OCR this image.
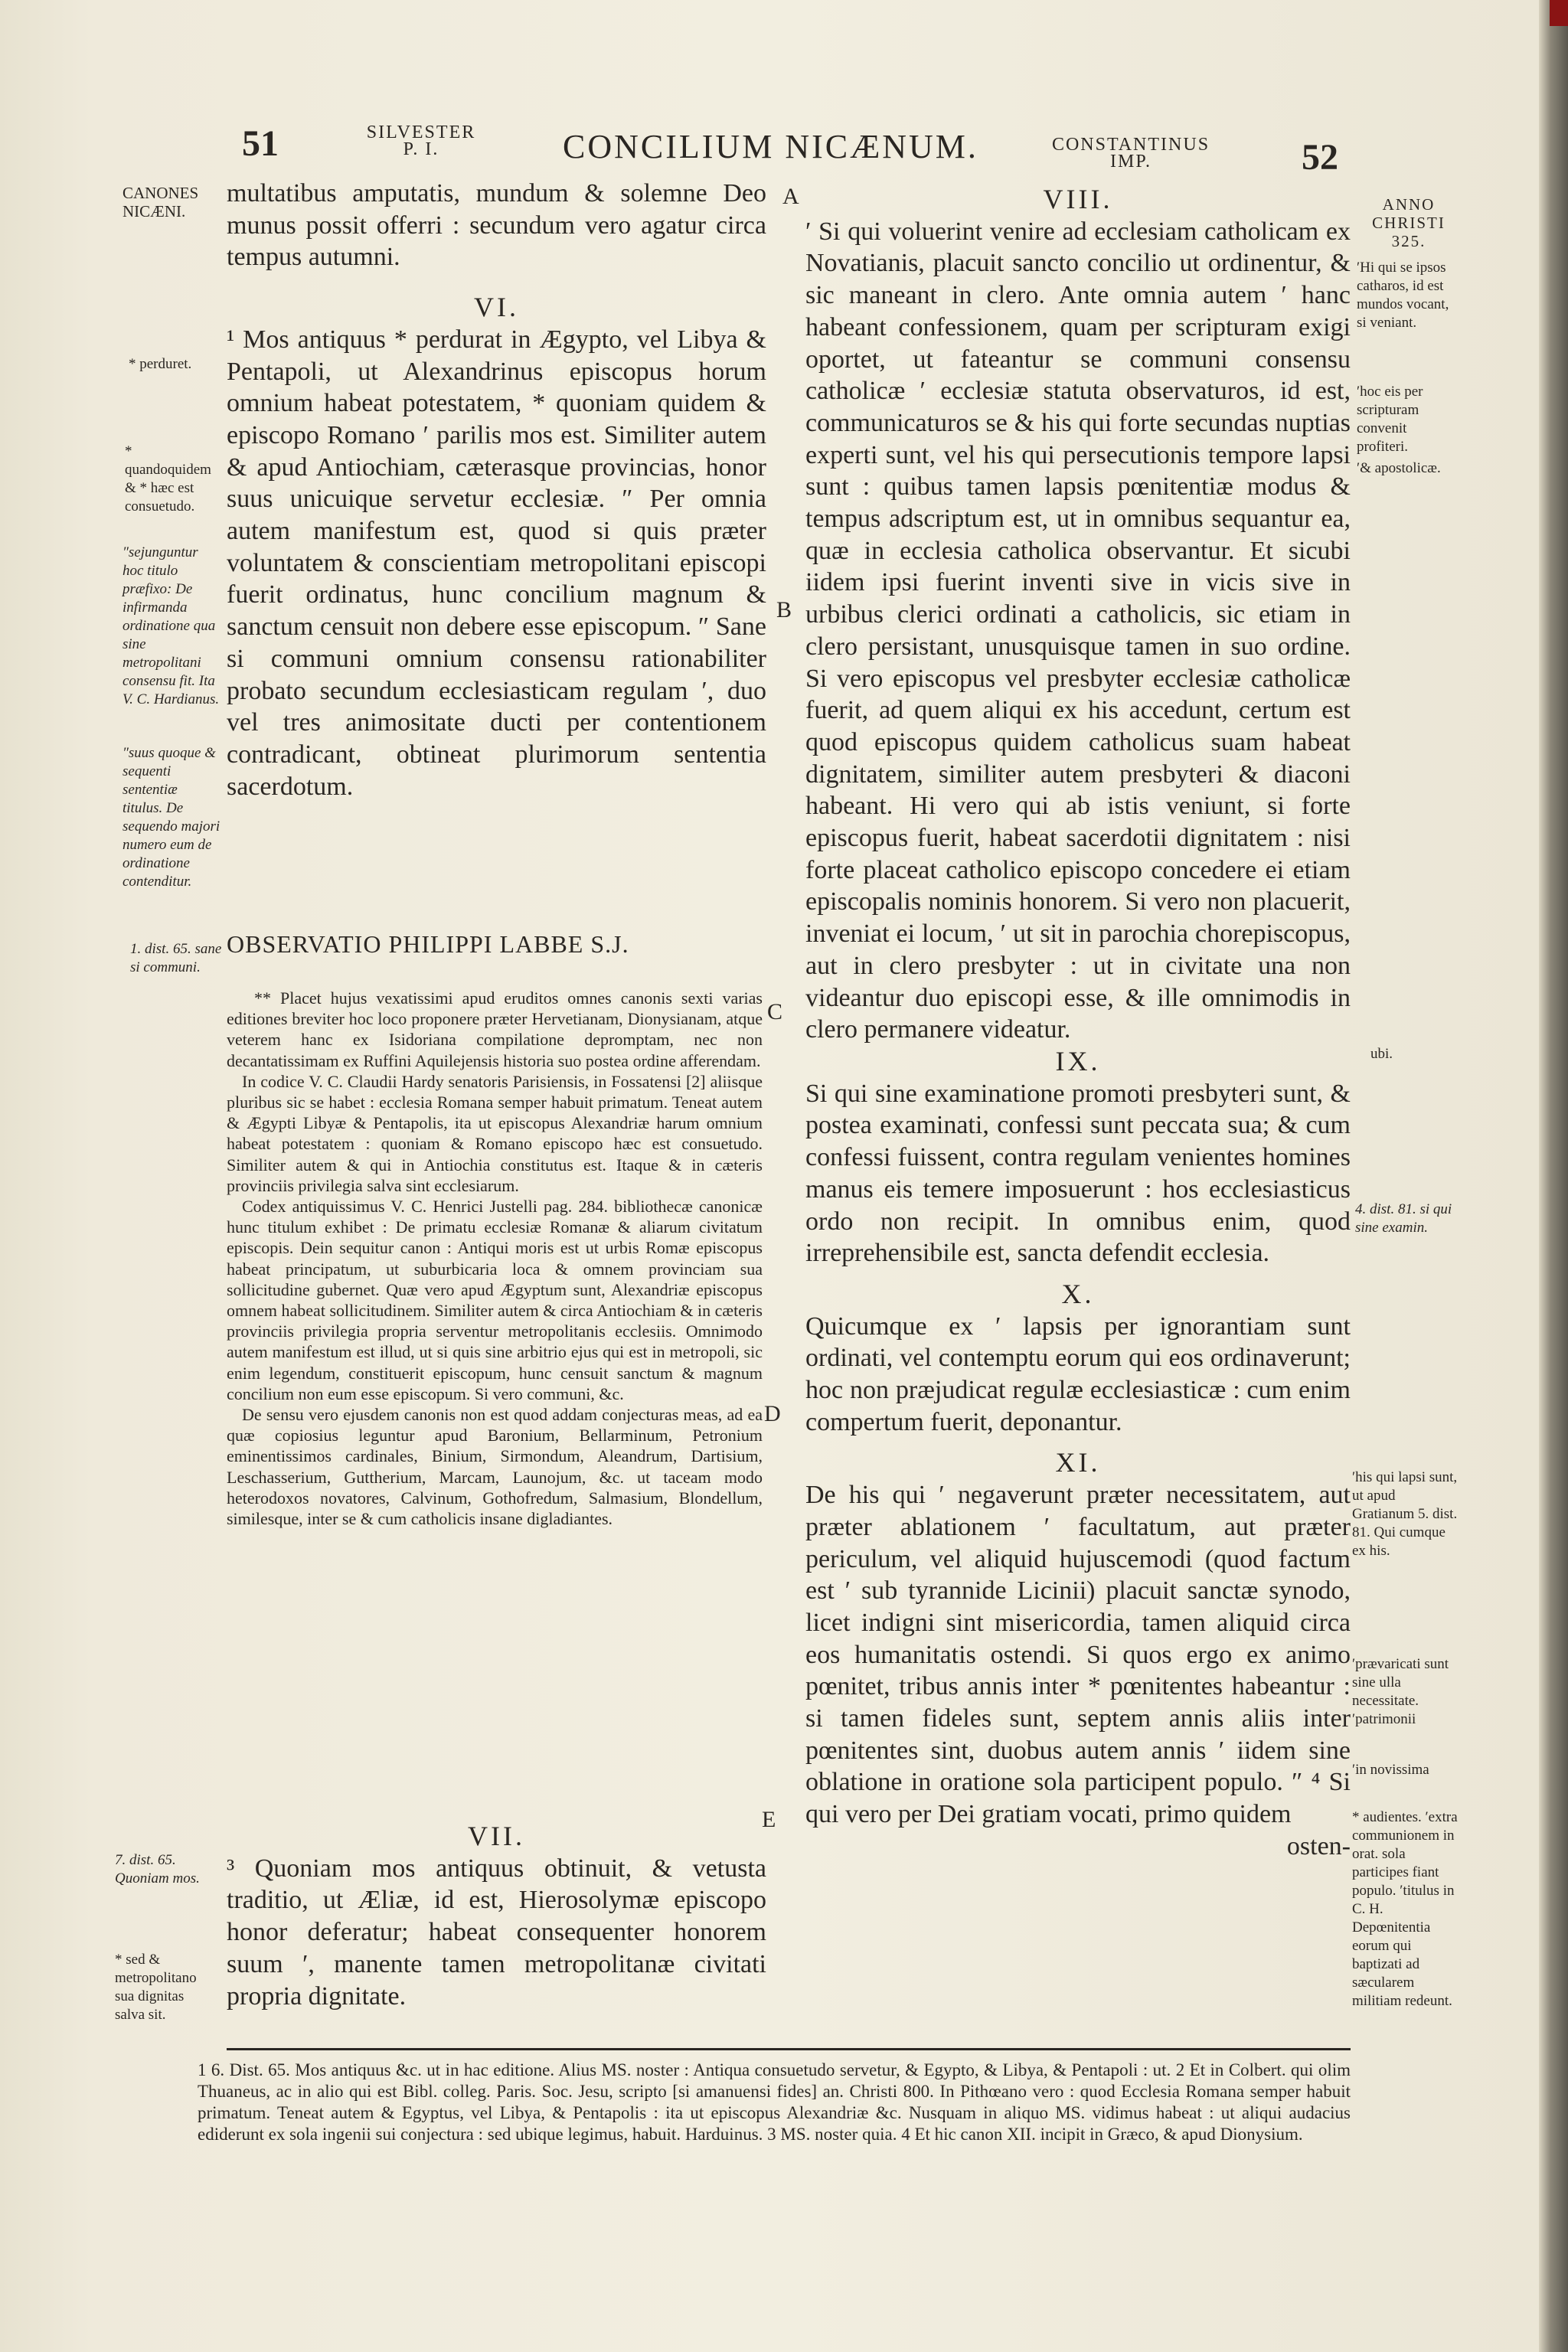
51	SILVESTER P. I.	CONCILIUM NICÆNUM.	CONSTANTINUS IMP.	52
A
B
C
D
E
CANONES NICÆNI.
* perduret.
* quandoquidem & * hæc est consuetudo.
″sejunguntur hoc titulo præfixo: De infirmanda ordinatione qua sine metropolitani consensu fit. Ita V. C. Hardianus.
″suus quoque & sequenti sententiæ titulus. De sequendo majori numero eum de ordinatione contenditur.
1. dist. 65. sane si communi.
7. dist. 65. Quoniam mos.
* sed & metropolitano sua dignitas salva sit.

multatibus amputatis, mundum & solemne Deo munus possit offerri : secundum vero agatur circa tempus autumni.

VI.

¹ Mos antiquus * perdurat in Ægypto, vel Libya & Pentapoli, ut Alexandrinus episcopus horum omnium habeat potestatem, * quoniam quidem & episcopo Romano ′ parilis mos est. Similiter autem & apud Antiochiam, cæterasque provincias, honor suus unicuique servetur ecclesiæ. ″ Per omnia autem manifestum est, quod si quis præter voluntatem & conscientiam metropolitani episcopi fuerit ordinatus, hunc concilium magnum & sanctum censuit non debere esse episcopum. ″ Sane si communi omnium consensu rationabiliter probato secundum ecclesiasticam regulam ′, duo vel tres animositate ducti per contentionem contradicant, obtineat plurimorum sententia sacerdotum.

OBSERVATIO PHILIPPI LABBE S.J.

** Placet hujus vexatissimi apud eruditos omnes canonis sexti varias editiones breviter hoc loco proponere præter Hervetianam, Dionysianam, atque veterem hanc ex Isidoriana compilatione depromptam, nec non decantatissimam ex Ruffini Aquilejensis historia suo postea ordine afferendam.

In codice V. C. Claudii Hardy senatoris Parisiensis, in Fossatensi [2] aliisque pluribus sic se habet : ecclesia Romana semper habuit primatum. Teneat autem & Ægypti Libyæ & Pentapolis, ita ut episcopus Alexandriæ harum omnium habeat potestatem : quoniam & Romano episcopo hæc est consuetudo. Similiter autem & qui in Antiochia constitutus est. Itaque & in cæteris provinciis privilegia salva sint ecclesiarum.

Codex antiquissimus V. C. Henrici Justelli pag. 284. bibliothecæ canonicæ hunc titulum exhibet : De primatu ecclesiæ Romanæ & aliarum civitatum episcopis. Dein sequitur canon : Antiqui moris est ut urbis Romæ episcopus habeat principatum, ut suburbicaria loca & omnem provinciam sua sollicitudine gubernet. Quæ vero apud Ægyptum sunt, Alexandriæ episcopus omnem habeat sollicitudinem. Similiter autem & circa Antiochiam & in cæteris provinciis privilegia propria serventur metropolitanis ecclesiis. Omnimodo autem manifestum est illud, ut si quis sine arbitrio ejus qui est in metropoli, sic enim legendum, constituerit episcopum, hunc censuit sanctum & magnum concilium non eum esse episcopum. Si vero communi, &c.

De sensu vero ejusdem canonis non est quod addam conjecturas meas, ad ea quæ copiosius leguntur apud Baronium, Bellarminum, Petronium eminentissimos cardinales, Binium, Sirmondum, Aleandrum, Dartisium, Leschasserium, Guttherium, Marcam, Launojum, &c. ut taceam modo heterodoxos novatores, Calvinum, Gothofredum, Salmasium, Blondellum, similesque, inter se & cum catholicis insane digladiantes.

VII.

³ Quoniam mos antiquus obtinuit, & vetusta traditio, ut Æliæ, id est, Hierosolymæ episcopo honor deferatur; habeat consequenter honorem suum ′, manente tamen metropolitanæ civitati propria dignitate.

VIII.

′ Si qui voluerint venire ad ecclesiam catholicam ex Novatianis, placuit sancto concilio ut ordinentur, & sic maneant in clero. Ante omnia autem ′ hanc habeant confessionem, quam per scripturam exigi oportet, ut fateantur se communi consensu catholicæ ′ ecclesiæ statuta observaturos, id est, communicaturos se & his qui forte secundas nuptias experti sunt, vel his qui persecutionis tempore lapsi sunt : quibus tamen lapsis pœnitentiæ modus & tempus adscriptum est, ut in omnibus sequantur ea, quæ in ecclesia catholica observantur. Et sicubi iidem ipsi fuerint inventi sive in vicis sive in urbibus clerici ordinati a catholicis, sic etiam in clero persistant, unusquisque tamen in suo ordine. Si vero episcopus vel presbyter ecclesiæ catholicæ fuerit, ad quem aliqui ex his accedunt, certum est quod episcopus quidem catholicus suam habeat dignitatem, similiter autem presbyteri & diaconi habeant. Hi vero qui ab istis veniunt, si forte episcopus fuerit, habeat sacerdotii dignitatem : nisi forte placeat catholico episcopo concedere ei etiam episcopalis nominis honorem. Si vero non placuerit, inveniat ei locum, ′ ut sit in parochia chorepiscopus, aut in clero presbyter : ut in civitate una non videantur duo episcopi esse, & ille omnimodis in clero permanere videatur.

IX.

Si qui sine examinatione promoti presbyteri sunt, & postea examinati, confessi sunt peccata sua; & cum confessi fuissent, contra regulam venientes homines manus eis temere imposuerunt : hos ecclesiasticus ordo non recipit. In omnibus enim, quod irreprehensibile est, sancta defendit ecclesia.

X.

Quicumque ex ′ lapsis per ignorantiam sunt ordinati, vel contemptu eorum qui eos ordinaverunt; hoc non præjudicat regulæ ecclesiasticæ : cum enim compertum fuerit, deponantur.

XI.

De his qui ′ negaverunt præter necessitatem, aut præter ablationem ′ facultatum, aut præter periculum, vel aliquid hujuscemodi (quod factum est ′ sub tyrannide Licinii) placuit sanctæ synodo, licet indigni sint misericordia, tamen aliquid circa eos humanitatis ostendi. Si quos ergo ex animo pœnitet, tribus annis inter * pœnitentes habeantur : si tamen fideles sunt, septem annis aliis inter pœnitentes sint, duobus autem annis ′ iidem sine oblatione in oratione sola participent populo. ″ ⁴ Si qui vero per Dei gratiam vocati, primo quidem

osten-

ANNO CHRISTI 325.
′Hi qui se ipsos catharos, id est mundos vocant, si veniant.
′hoc eis per scripturam convenit profiteri.
′& apostolicæ.
ubi.
4. dist. 81. si qui sine examin.
′his qui lapsi sunt, ut apud Gratianum 5. dist. 81. Qui cumque ex his.
′prævaricati sunt sine ulla necessitate. ′patrimonii
′in novissima
* audientes. ′extra communionem in orat. sola participes fiant populo. ′titulus in C. H. Depœnitentia eorum qui baptizati ad sæcularem militiam redeunt.
1 6. Dist. 65. Mos antiquus &c. ut in hac editione. Alius MS. noster : Antiqua consuetudo servetur, & Egypto, & Libya, & Pentapoli : ut. 2 Et in Colbert. qui olim Thuaneus, ac in alio qui est Bibl. colleg. Paris. Soc. Jesu, scripto [si amanuensi fides] an. Christi 800. In Pithœano vero : quod Ecclesia Romana semper habuit primatum. Teneat autem & Egyptus, vel Libya, & Pentapolis : ita ut episcopus Alexandriæ &c. Nusquam in aliquo MS. vidimus habeat : ut aliqui audacius ediderunt ex sola ingenii sui conjectura : sed ubique legimus, habuit. Harduinus. 3 MS. noster quia. 4 Et hic canon XII. incipit in Græco, & apud Dionysium.
